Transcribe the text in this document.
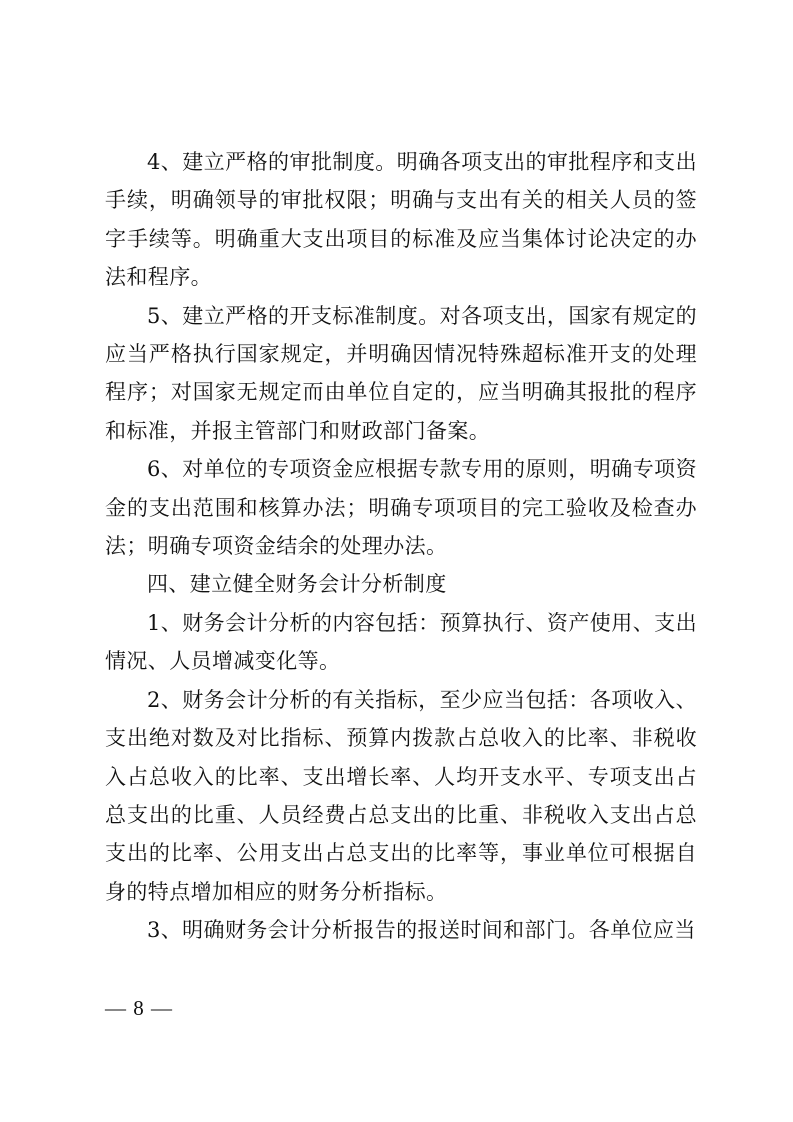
4、建立严格的审批制度。明确各项支出的审批程序和支出手续，明确领导的审批权限；明确与支出有关的相关人员的签字手续等。明确重大支出项目的标准及应当集体讨论决定的办法和程序。

5、建立严格的开支标准制度。对各项支出，国家有规定的应当严格执行国家规定，并明确因情况特殊超标准开支的处理程序；对国家无规定而由单位自定的，应当明确其报批的程序和标准，并报主管部门和财政部门备案。

6、对单位的专项资金应根据专款专用的原则，明确专项资金的支出范围和核算办法；明确专项项目的完工验收及检查办法；明确专项资金结余的处理办法。

四、建立健全财务会计分析制度

1、财务会计分析的内容包括：预算执行、资产使用、支出情况、人员增减变化等。

2、财务会计分析的有关指标，至少应当包括：各项收入、支出绝对数及对比指标、预算内拨款占总收入的比率、非税收入占总收入的比率、支出增长率、人均开支水平、专项支出占总支出的比重、人员经费占总支出的比重、非税收入支出占总支出的比率、公用支出占总支出的比率等，事业单位可根据自身的特点增加相应的财务分析指标。

3、明确财务会计分析报告的报送时间和部门。各单位应当

— 8 —
